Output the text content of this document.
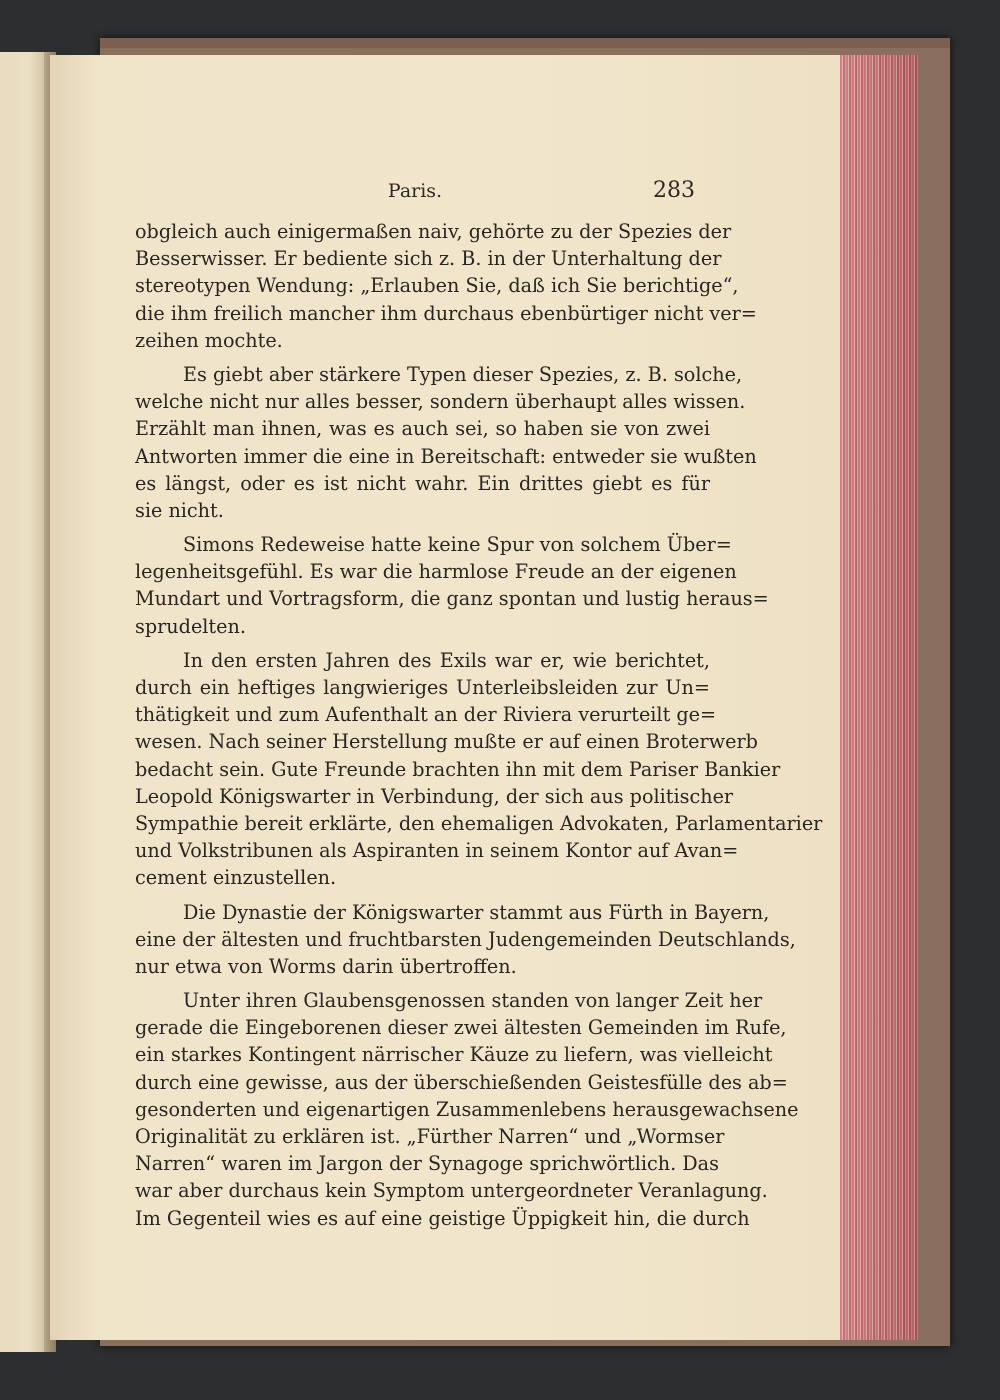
Paris.	283
obgleich auch einigermaßen naiv, gehörte zu der Spezies der
Besserwisser. Er bediente sich z. B. in der Unterhaltung der
stereotypen Wendung: „Erlauben Sie, daß ich Sie berichtige“,
die ihm freilich mancher ihm durchaus ebenbürtiger nicht ver=
zeihen mochte.
Es giebt aber stärkere Typen dieser Spezies, z. B. solche,
welche nicht nur alles besser, sondern überhaupt alles wissen.
Erzählt man ihnen, was es auch sei, so haben sie von zwei
Antworten immer die eine in Bereitschaft: entweder sie wußten
es längst, oder es ist nicht wahr. Ein drittes giebt es für
sie nicht.
Simons Redeweise hatte keine Spur von solchem Über=
legenheitsgefühl. Es war die harmlose Freude an der eigenen
Mundart und Vortragsform, die ganz spontan und lustig heraus=
sprudelten.
In den ersten Jahren des Exils war er, wie berichtet,
durch ein heftiges langwieriges Unterleibsleiden zur Un=
thätigkeit und zum Aufenthalt an der Riviera verurteilt ge=
wesen. Nach seiner Herstellung mußte er auf einen Broterwerb
bedacht sein. Gute Freunde brachten ihn mit dem Pariser Bankier
Leopold Königswarter in Verbindung, der sich aus politischer
Sympathie bereit erklärte, den ehemaligen Advokaten, Parlamentarier
und Volkstribunen als Aspiranten in seinem Kontor auf Avan=
cement einzustellen.
Die Dynastie der Königswarter stammt aus Fürth in Bayern,
eine der ältesten und fruchtbarsten Judengemeinden Deutschlands,
nur etwa von Worms darin übertroffen.
Unter ihren Glaubensgenossen standen von langer Zeit her
gerade die Eingeborenen dieser zwei ältesten Gemeinden im Rufe,
ein starkes Kontingent närrischer Käuze zu liefern, was vielleicht
durch eine gewisse, aus der überschießenden Geistesfülle des ab=
gesonderten und eigenartigen Zusammenlebens herausgewachsene
Originalität zu erklären ist. „Fürther Narren“ und „Wormser
Narren“ waren im Jargon der Synagoge sprichwörtlich. Das
war aber durchaus kein Symptom untergeordneter Veranlagung.
Im Gegenteil wies es auf eine geistige Üppigkeit hin, die durch
